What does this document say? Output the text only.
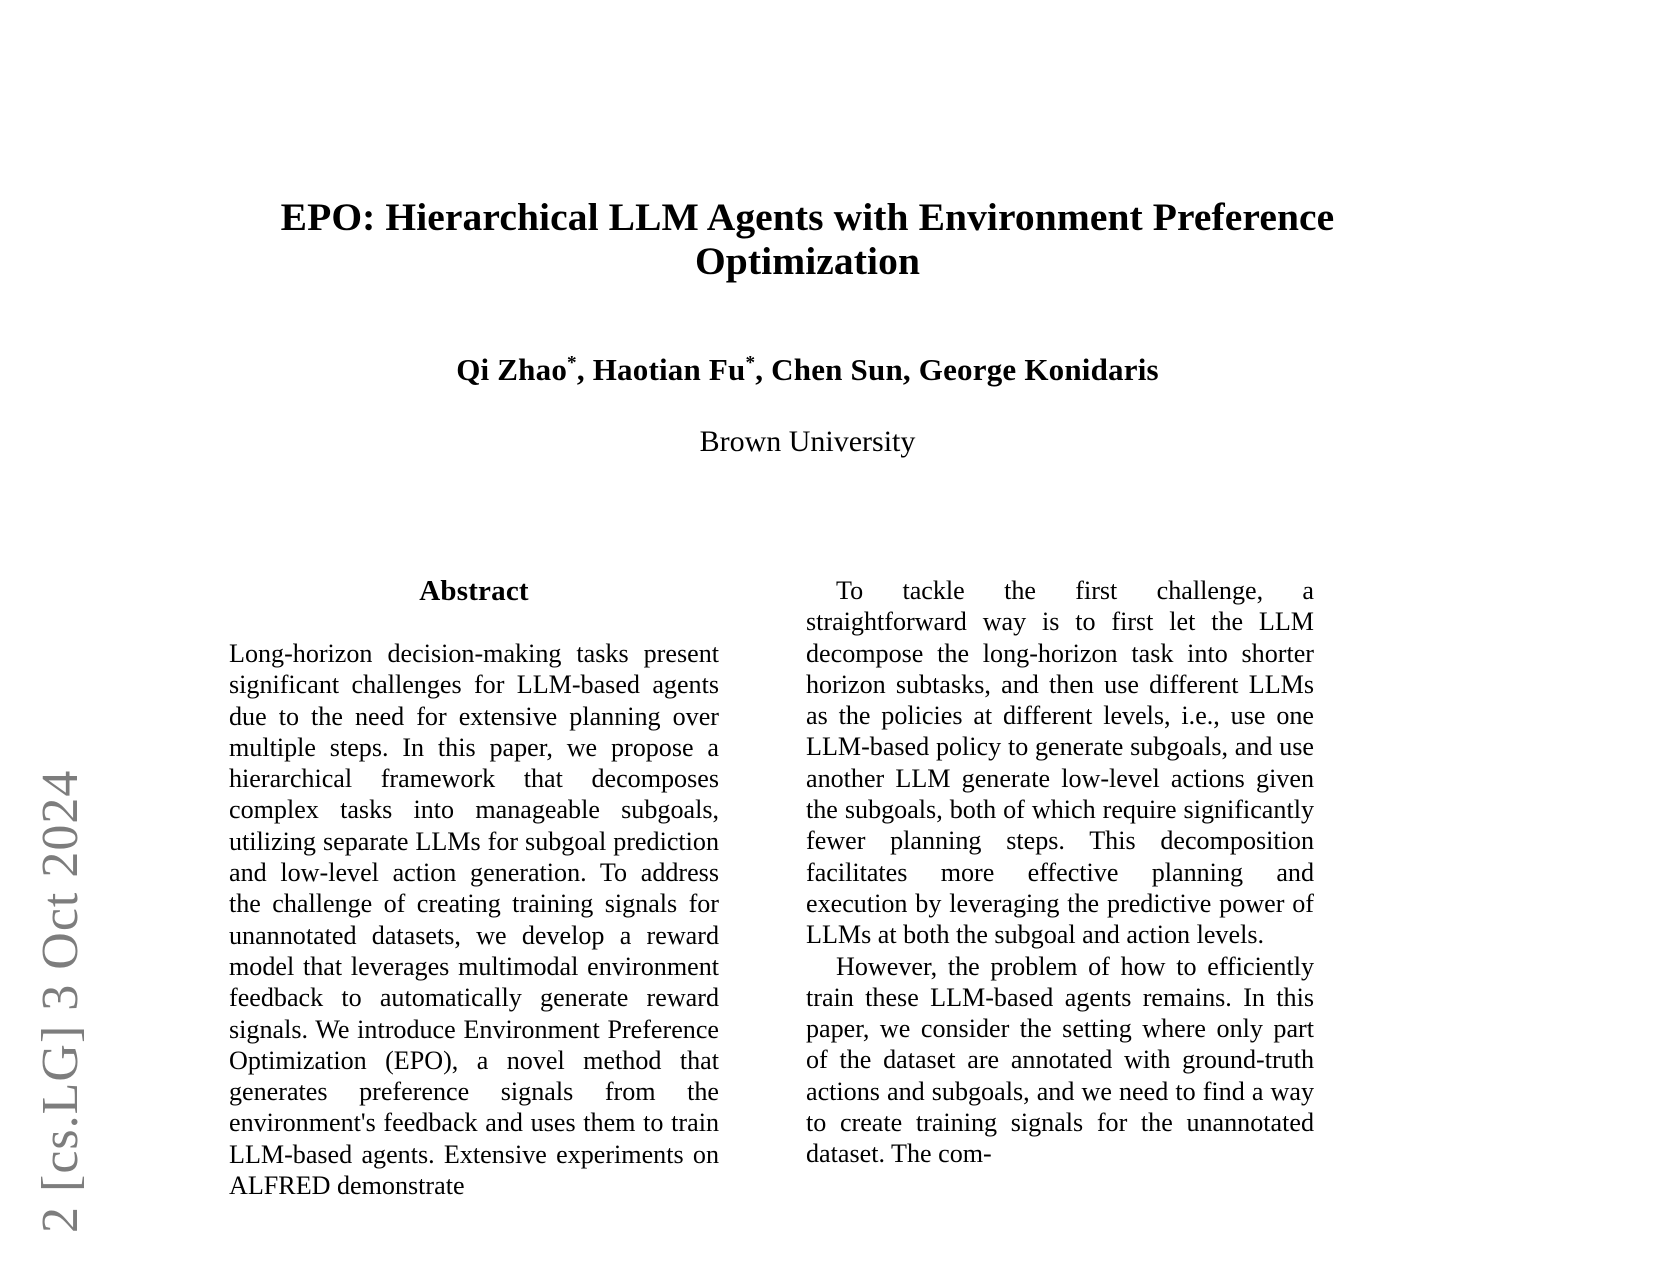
2 [cs.LG] 3 Oct 2024
EPO: Hierarchical LLM Agents with Environment Preference Optimization
Qi Zhao*, Haotian Fu*, Chen Sun, George Konidaris
Brown University
Abstract

Long-horizon decision-making tasks present significant challenges for LLM-based agents due to the need for extensive planning over multiple steps. In this paper, we propose a hierarchical framework that decomposes complex tasks into manageable subgoals, utilizing separate LLMs for subgoal prediction and low-level action generation. To address the challenge of creating training signals for unannotated datasets, we develop a reward model that leverages multimodal environment feedback to automatically generate reward signals. We introduce Environment Preference Optimization (EPO), a novel method that generates preference signals from the environment's feedback and uses them to train LLM-based agents. Extensive experiments on ALFRED demonstrate

To tackle the first challenge, a straightforward way is to first let the LLM decompose the long-horizon task into shorter horizon subtasks, and then use different LLMs as the policies at different levels, i.e., use one LLM-based policy to generate subgoals, and use another LLM generate low-level actions given the subgoals, both of which require significantly fewer planning steps. This decomposition facilitates more effective planning and execution by leveraging the predictive power of LLMs at both the subgoal and action levels.

However, the problem of how to efficiently train these LLM-based agents remains. In this paper, we consider the setting where only part of the dataset are annotated with ground-truth actions and subgoals, and we need to find a way to create training signals for the unannotated dataset. The com-
